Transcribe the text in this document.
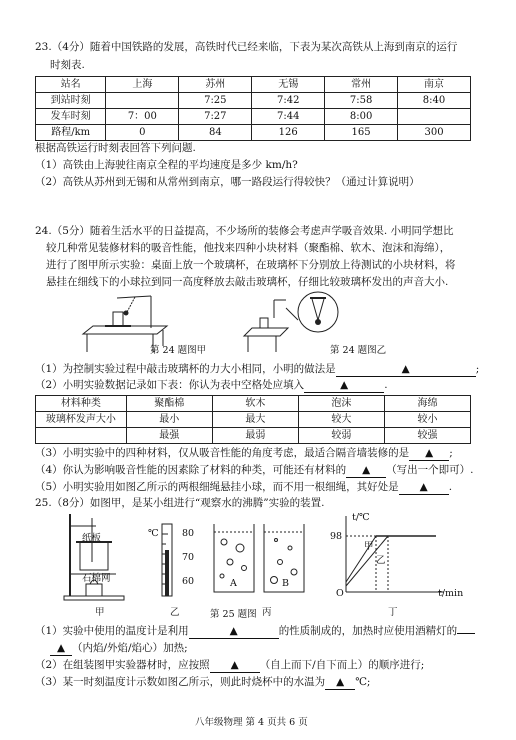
23.（4分）随着中国铁路的发展，高铁时代已经来临，下表为某次高铁从上海到南京的运行
时刻表.
站名	上海	苏州	无锡	常州	南京
到站时刻		7:25	7:42	7:58	8:40
发车时刻	7：00	7:27	7:44	8:00	
路程/km	0	84	126	165	300
根据高铁运行时刻表回答下列问题.
（1）高铁由上海驶往南京全程的平均速度是多少 km/h?
（2）高铁从苏州到无锡和从常州到南京，哪一路段运行得较快？（通过计算说明）
24.（5分）随着生活水平的日益提高，不少场所的装修会考虑声学吸音效果. 小明同学想比
较几种常见装修材料的吸音性能，他找来四种小块材料（聚酯棉、软木、泡沫和海绵），
进行了图甲所示实验：桌面上放一个玻璃杯，在玻璃杯下分别放上待测试的小块材料，将
悬挂在细线下的小球拉到同一高度释放去敲击玻璃杯，仔细比较玻璃杯发出的声音大小.
第 24 题图甲	第 24 题图乙
（1）为控制实验过程中敲击玻璃杯的力大小相同，小明的做法是	▲	;
（2）小明实验数据记录如下表：你认为表中空格处应填入	▲	.
材料种类	聚酯棉	软木	泡沫	海绵
玻璃杯发声大小	最小	最大	较大	较小
	最强	最弱	较弱	较强
（3）小明实验中的四种材料，仅从吸音性能的角度考虑，最适合隔音墙装修的是 ▲ ;
（4）你认为影响吸音性能的因素除了材料的种类，可能还有材料的 ▲ （写出一个即可）.
（5）小明实验用如图乙所示的两根细绳悬挂小球，而不用一根细绳，其好处是 ▲ .
25.（8分）如图甲，是某小组进行“观察水的沸腾”实验的装置.
纸板
石棉网
甲
℃ 80
70
60
乙
A	B
第 25 题图 丙
t/℃
98
甲
乙
O	t/min
丁
（1）实验中使用的温度计是利用	▲	的性质制成的，加热时应使用酒精灯的
▲ （内焰/外焰/焰心）加热;
（2）在组装图甲实验器材时，应按照 ▲ （自上而下/自下而上）的顺序进行;
（3）某一时刻温度计示数如图乙所示，则此时烧杯中的水温为 ▲ ℃;
八年级物理 第 4 页共 6 页
